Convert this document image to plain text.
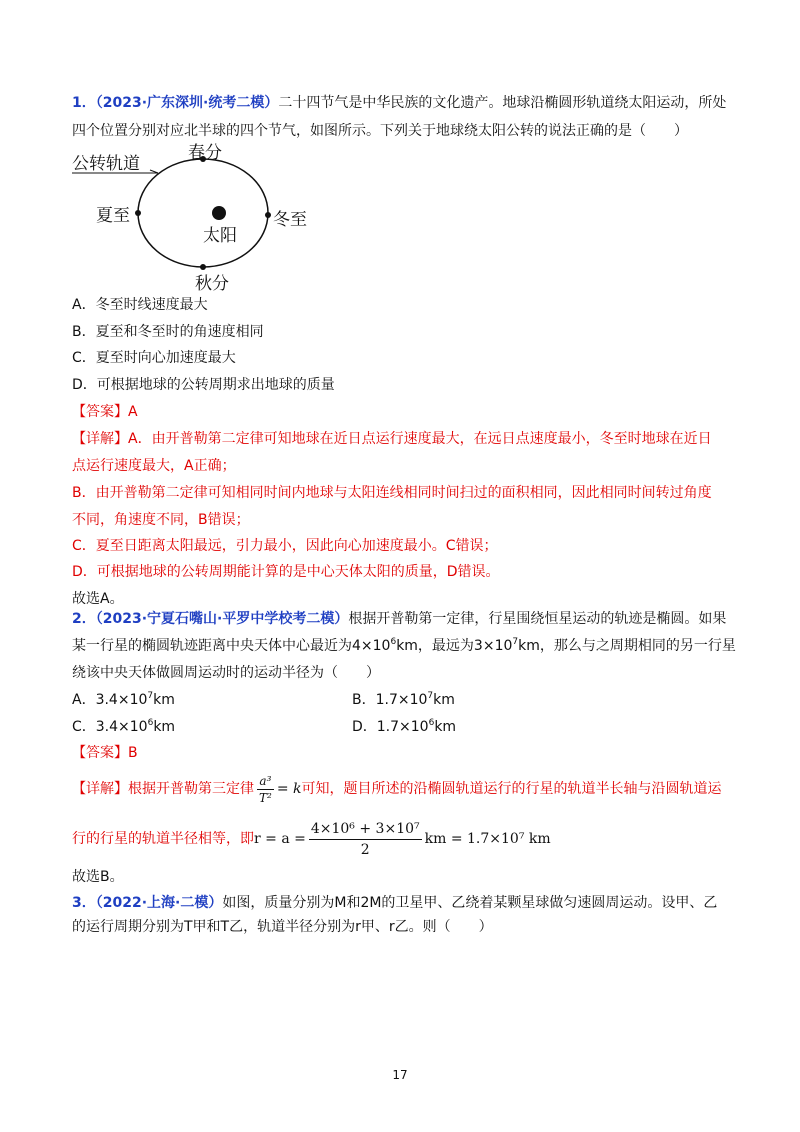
1．（2023·广东深圳·统考二模）二十四节气是中华民族的文化遗产。地球沿椭圆形轨道绕太阳运动，所处
四个位置分别对应北半球的四个节气，如图所示。下列关于地球绕太阳公转的说法正确的是（　　）
公转轨道
春分
夏至	冬至
太阳
秋分
A．冬至时线速度最大
B．夏至和冬至时的角速度相同
C．夏至时向心加速度最大
D．可根据地球的公转周期求出地球的质量
【答案】A
【详解】A．由开普勒第二定律可知地球在近日点运行速度最大，在远日点速度最小，冬至时地球在近日
点运行速度最大，A正确；
B．由开普勒第二定律可知相同时间内地球与太阳连线相同时间扫过的面积相同，因此相同时间转过角度
不同，角速度不同，B错误；
C．夏至日距离太阳最远，引力最小，因此向心加速度最小。C错误；
D．可根据地球的公转周期能计算的是中心天体太阳的质量，D错误。
故选A。
2．（2023·宁夏石嘴山·平罗中学校考二模）根据开普勒第一定律，行星围绕恒星运动的轨迹是椭圆。如果
某一行星的椭圆轨迹距离中央天体中心最近为$4\times 10^6km$，最远为$3\times 10^7km$，那么与之周期相同的另一行星
绕该中央天体做圆周运动时的运动半径为（　　）
A．$3.4\times 10^7km$	B．$1.7\times 10^7km$
C．$3.4\times 10^6km$	D．$1.7\times 10^6km$
【答案】B
【详解】根据开普勒第三定律 $\frac{\text{a³}}{\text{T²}} = k$可知，题目所述的沿椭圆轨道运行的行星的轨道半长轴与沿圆轨道运
行的行星的轨道半径相等，即$r = a = \frac{\text{4×10⁶ + 3×10⁷}}{2}$ km = 1.7×10⁷ km
故选B。
3．（2022·上海·二模）如图，质量分别为M和2M的卫星甲、乙绕着某颗星球做匀速圆周运动。设甲、乙
的运行周期分别为T甲和T乙，轨道半径分别为r甲、r乙。则（　　）
17
